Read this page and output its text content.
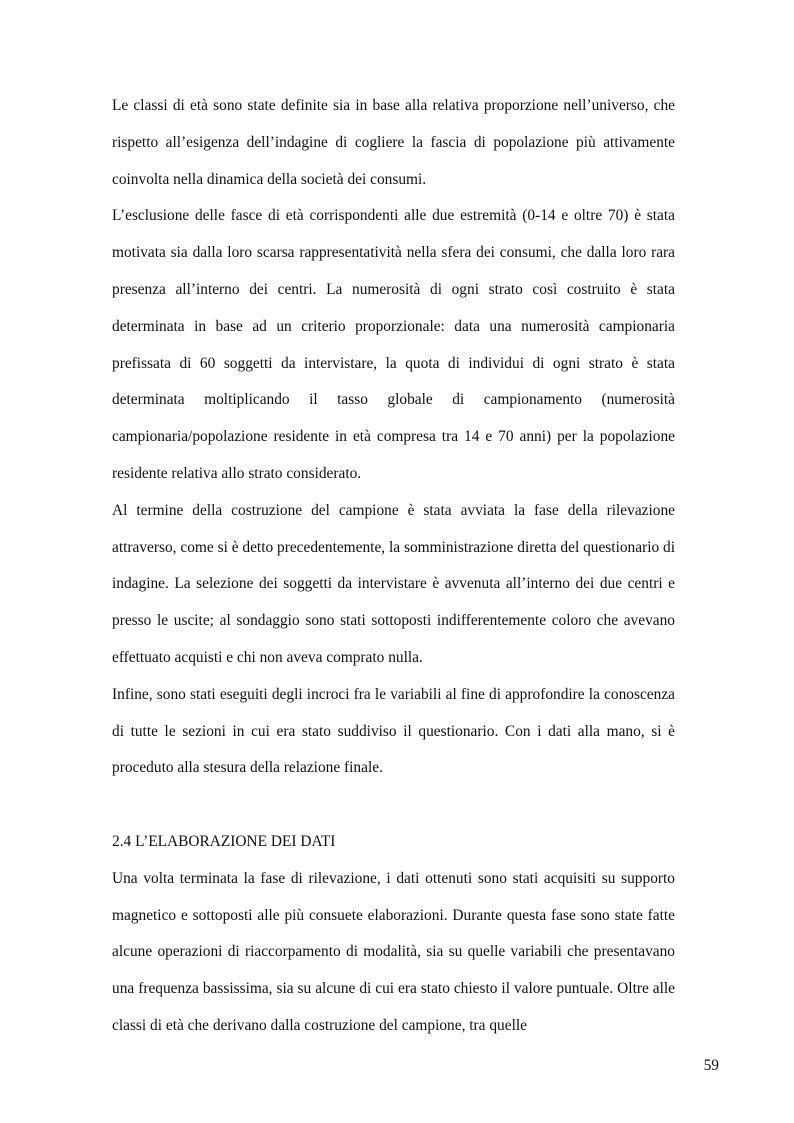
Le classi di età sono state definite sia in base alla relativa proporzione nell’universo, che rispetto all’esigenza dell’indagine di cogliere la fascia di popolazione più attivamente coinvolta nella dinamica della società dei consumi.

L’esclusione delle fasce di età corrispondenti alle due estremità (0-14 e oltre 70) è stata motivata sia dalla loro scarsa rappresentatività nella sfera dei consumi, che dalla loro rara presenza all’interno dei centri. La numerosità di ogni strato così costruito è stata determinata in base ad un criterio proporzionale: data una numerosità campionaria prefissata di 60 soggetti da intervistare, la quota di individui di ogni strato è stata determinata moltiplicando il tasso globale di campionamento (numerosità campionaria/popolazione residente in età compresa tra 14 e 70 anni) per la popolazione residente relativa allo strato considerato.

Al termine della costruzione del campione è stata avviata la fase della rilevazione attraverso, come si è detto precedentemente, la somministrazione diretta del questionario di indagine. La selezione dei soggetti da intervistare è avvenuta all’interno dei due centri e presso le uscite; al sondaggio sono stati sottoposti indifferentemente coloro che avevano effettuato acquisti e chi non aveva comprato nulla.

Infine, sono stati eseguiti degli incroci fra le variabili al fine di approfondire la conoscenza di tutte le sezioni in cui era stato suddiviso il questionario. Con i dati alla mano, si è proceduto alla stesura della relazione finale.

2.4 L’ELABORAZIONE DEI DATI

Una volta terminata la fase di rilevazione, i dati ottenuti sono stati acquisiti su supporto magnetico e sottoposti alle più consuete elaborazioni. Durante questa fase sono state fatte alcune operazioni di riaccorpamento di modalità, sia su quelle variabili che presentavano una frequenza bassissima, sia su alcune di cui era stato chiesto il valore puntuale. Oltre alle classi di età che derivano dalla costruzione del campione, tra quelle

59
